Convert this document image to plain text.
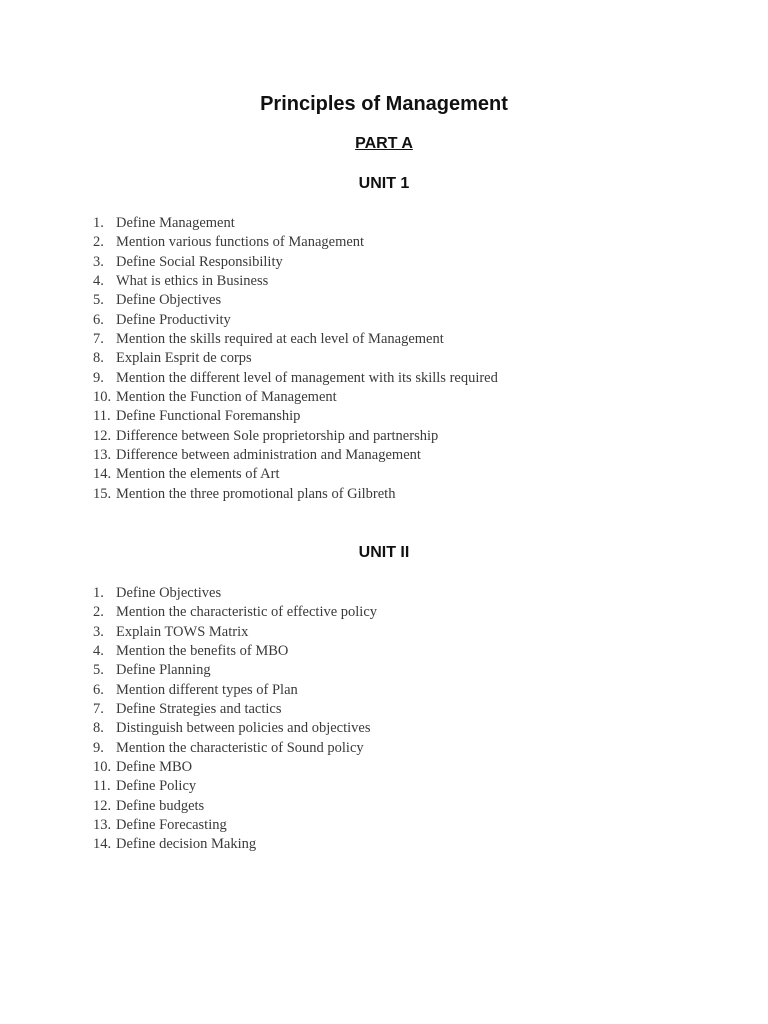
Principles of Management
PART A
UNIT 1
1. Define Management
2. Mention various functions of Management
3. Define Social Responsibility
4. What is ethics in Business
5. Define Objectives
6. Define Productivity
7. Mention the skills required at each level of Management
8. Explain Esprit de corps
9. Mention the different level of management with its skills required
10. Mention the Function of Management
11. Define Functional Foremanship
12. Difference between Sole proprietorship and partnership
13. Difference between administration and Management
14. Mention the elements of Art
15. Mention the three promotional plans of Gilbreth
UNIT II
1. Define Objectives
2. Mention the characteristic of effective policy
3. Explain TOWS Matrix
4. Mention the benefits of MBO
5. Define Planning
6. Mention different types of Plan
7. Define Strategies and tactics
8. Distinguish between policies and objectives
9. Mention the characteristic of Sound policy
10. Define MBO
11. Define Policy
12. Define budgets
13. Define Forecasting
14. Define decision Making
